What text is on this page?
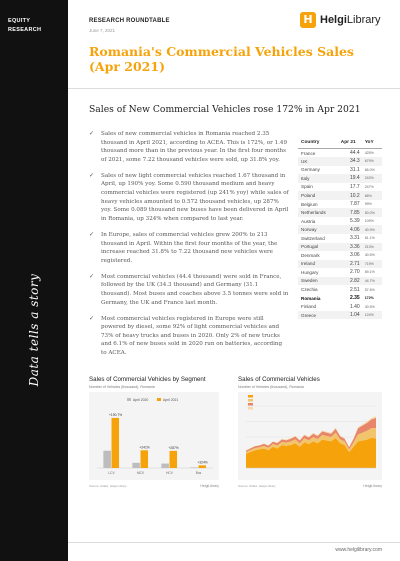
EQUITY
RESEARCH
Data tells a story
RESEARCH ROUNDTABLE
June 7, 2021
H HelgiLibrary
Romania's Commercial Vehicles Sales (Apr 2021)
Sales of New Commercial Vehicles rose 172% in Apr 2021
✓ Sales of new commercial vehicles in Romania reached 2.35 thousand in April 2021, according to ACEA. This is 172%, or 1.49 thousand more than in the previous year. In the first four months of 2021, some 7.22 thousand vehicles were sold, up 31.8% yoy.
✓ Sales of new light commercial vehicles reached 1.67 thousand in April, up 190% yoy. Some 0.590 thousand medium and heavy commercial vehicles were registered (up 241% yoy) while sales of heavy vehicles amounted to 0.572 thousand vehicles, up 287% yoy. Some 0.089 thousand new buses have been delivered in April in Romania, up 324% when compared to last year.
✓ In Europe, sales of commercial vehicles grew 200% to 213 thousand in April. Within the first four months of the year, the increase reached 31.8% to 7.22 thousand new vehicles were registered.
✓ Most commercial vehicles (44.4 thousand) were sold in France, followed by the UK (34.3 thousand) and Germany (31.1 thousand). Most buses and coaches above 3.5 tonnes were sold in Germany, the UK and France last month.
✓ Most commercial vehicles registered in Europe were still powered by diesel, some 92% of light commercial vehicles and 73% of heavy trucks and buses in 2020. Only 2% of new trucks and 6.1% of new buses sold in 2020 run on batteries, according to ACEA.
Country	Apr 21	YoY
France	44.4	425%
UK	34.3	679%
Germany	31.1	66.0%
Italy	19.4	243%
Spain	17.7	247%
Poland	10.2	66%
Belgium	7.87	99%
Netherlands	7.85	50.0%
Austria	5.39	109%
Norway	4.06	40.9%
Switzerland	3.31	61.1%
Portugal	3.36	213%
Denmark	3.06	40.5%
Ireland	2.71	719%
Hungary	2.70	69.1%
Sweden	2.82	44.7%
Czechia	2.51	57.6%
Romania	2.35	172%
Finland	1.40	40.5%
Greece	1.04	124%
Sales of Commercial Vehicles by Segment
Number of Vehicles (thousand), Romania
April 2020	April 2021
+190.7%
LCV
+241%
MCV
+287%
HCV
+324%
Bus
Source: ACEA, Helgi Library	HelgiLibrary
Sales of Commercial Vehicles
Number of Vehicles (thousand), Romania
Source: ACEA, Helgi Library	HelgiLibrary
www.helgilibrary.com
